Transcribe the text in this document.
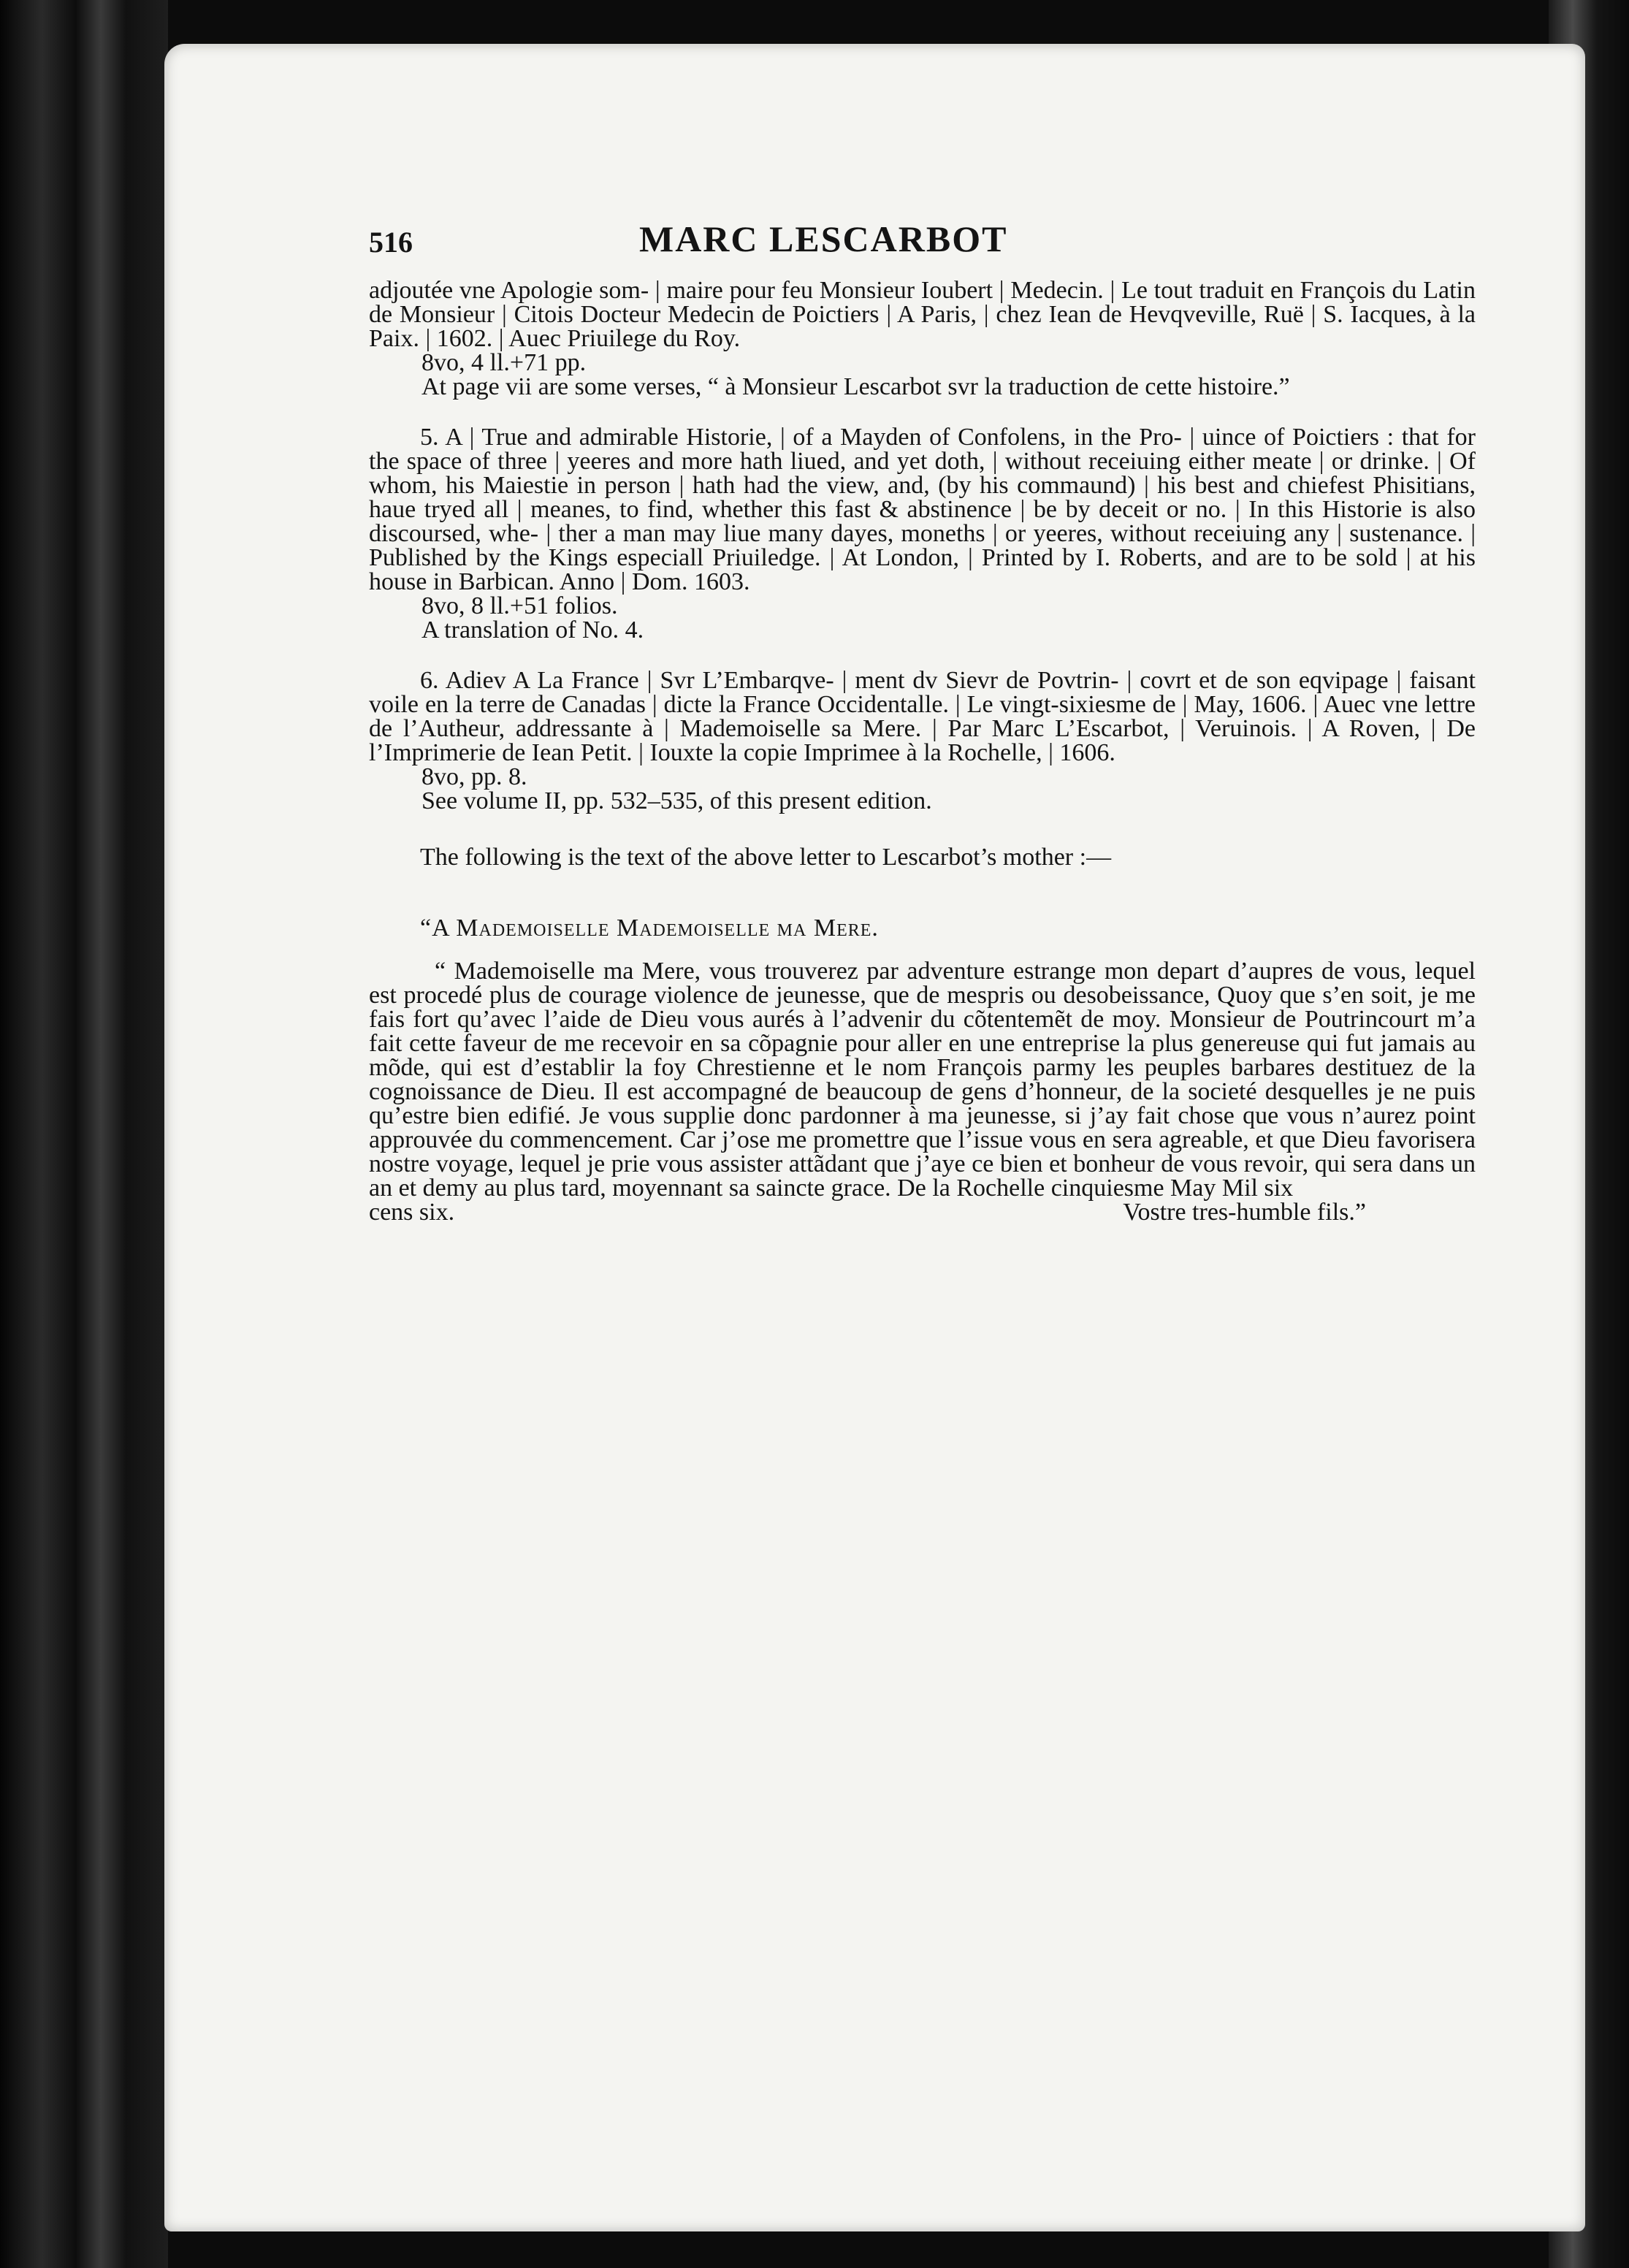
516	MARC LESCARBOT

adjoutée vne Apologie som- | maire pour feu Monsieur Ioubert | Medecin. | Le tout traduit en François du Latin de Monsieur | Citois Docteur Medecin de Poictiers | A Paris, | chez Iean de Hevqveville, Ruë | S. Iacques, à la Paix. | 1602. | Auec Priuilege du Roy.

8vo, 4 ll.+71 pp.

At page vii are some verses, “ à Monsieur Lescarbot svr la traduction de cette histoire.”

5. A | True and admirable Historie, | of a Mayden of Confolens, in the Pro- | uince of Poictiers : that for the space of three | yeeres and more hath liued, and yet doth, | without receiuing either meate | or drinke. | Of whom, his Maiestie in person | hath had the view, and, (by his commaund) | his best and chiefest Phisitians, haue tryed all | meanes, to find, whether this fast & abstinence | be by deceit or no. | In this Historie is also discoursed, whe- | ther a man may liue many dayes, moneths | or yeeres, without receiuing any | sustenance. | Published by the Kings especiall Priuiledge. | At London, | Printed by I. Roberts, and are to be sold | at his house in Barbican. Anno | Dom. 1603.

8vo, 8 ll.+51 folios.

A translation of No. 4.

6. Adiev A La France | Svr L’Embarqve- | ment dv Sievr de Povtrin- | covrt et de son eqvipage | faisant voile en la terre de Canadas | dicte la France Occidentalle. | Le vingt-sixiesme de | May, 1606. | Auec vne lettre de l’Autheur, addressante à | Mademoiselle sa Mere. | Par Marc L’Escarbot, | Veruinois. | A Roven, | De l’Imprimerie de Iean Petit. | Iouxte la copie Imprimee à la Rochelle, | 1606.

8vo, pp. 8.

See volume II, pp. 532–535, of this present edition.

The following is the text of the above letter to Lescarbot’s mother :—

“A Mademoiselle Mademoiselle ma Mere.

“ Mademoiselle ma Mere, vous trouverez par adventure estrange mon depart d’aupres de vous, lequel est procedé plus de courage violence de jeunesse, que de mespris ou desobeissance, Quoy que s’en soit, je me fais fort qu’avec l’aide de Dieu vous aurés à l’advenir du cõtentemẽt de moy. Monsieur de Poutrincourt m’a fait cette faveur de me recevoir en sa cõpagnie pour aller en une entreprise la plus genereuse qui fut jamais au mõde, qui est d’establir la foy Chrestienne et le nom François parmy les peuples barbares destituez de la cognoissance de Dieu. Il est accompagné de beaucoup de gens d’honneur, de la societé desquelles je ne puis qu’estre bien edifié. Je vous supplie donc pardonner à ma jeunesse, si j’ay fait chose que vous n’aurez point approuvée du commencement. Car j’ose me promettre que l’issue vous en sera agreable, et que Dieu favorisera nostre voyage, lequel je prie vous assister attãdant que j’aye ce bien et bonheur de vous revoir, qui sera dans un an et demy au plus tard, moyennant sa saincte grace. De la Rochelle cinquiesme May Mil six

cens six.	Vostre tres-humble fils.”
